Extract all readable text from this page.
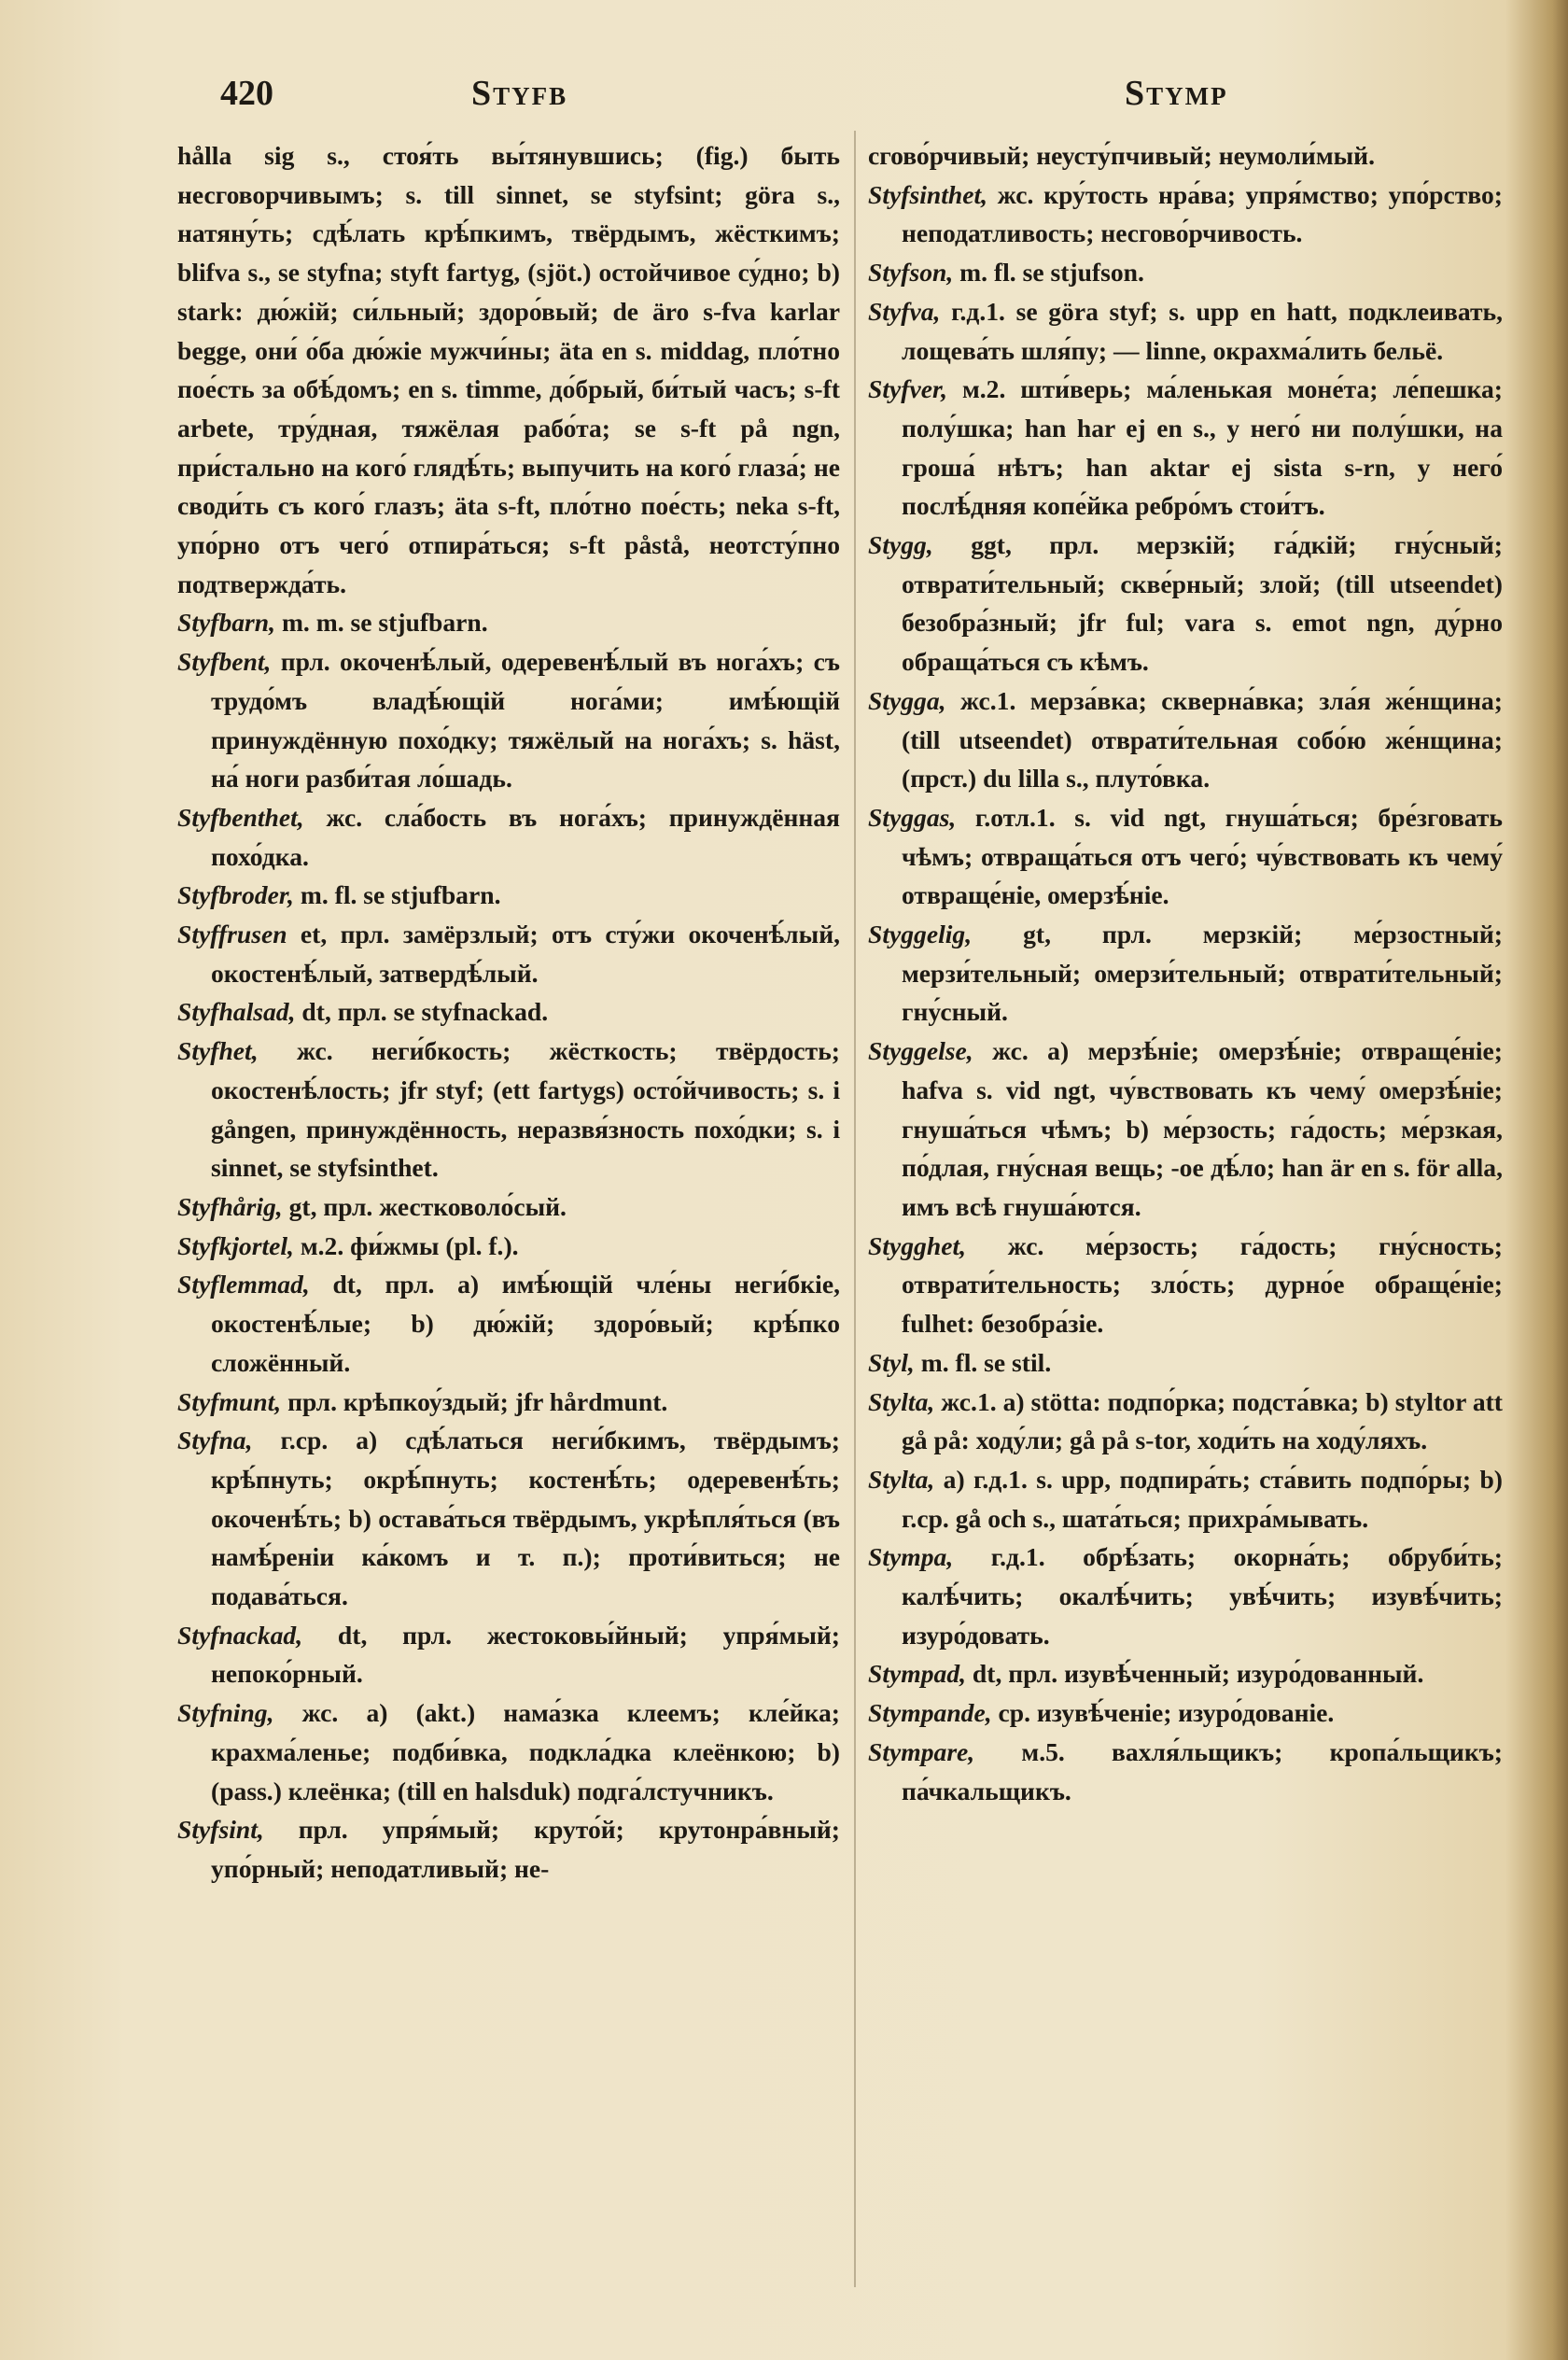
420	Styfb	Stymp

hålla sig s., стоя́ть вы́тянувшись; (fig.) быть несговорчивымъ; s. till sinnet, se styfsint; göra s., натяну́ть; сдѣ́лать крѣ́пкимъ, твёрдымъ, жёсткимъ; blifva s., se styfna; styft fartyg, (sjöt.) остойчивое су́дно; b) stark: дю́жій; си́льный; здоро́вый; de äro s-fva karlar begge, они́ о́ба дю́жіе мужчи́ны; äta en s. middag, пло́тно пое́сть за обѣ́домъ; en s. timme, до́брый, би́тый часъ; s-ft arbete, тру́дная, тяжёлая рабо́та; se s-ft på ngn, при́стально на кого́ глядѣ́ть; выпучить на кого́ глаза́; не своди́ть съ кого́ глазъ; äta s-ft, пло́тно пое́сть; neka s-ft, упо́рно отъ чего́ отпира́ться; s-ft påstå, неотсту́пно подтвержда́ть.

Styfbarn, m. m. se stjufbarn.

Styfbent, прл. окоченѣ́лый, одеревенѣ́лый въ нога́хъ; съ трудо́мъ владѣ́ющій нога́ми; имѣ́ющій принуждённую похо́дку; тяжёлый на нога́хъ; s. häst, на́ ноги разби́тая ло́шадь.

Styfbenthet, жс. сла́бость въ нога́хъ; принуждённая похо́дка.

Styfbroder, m. fl. se stjufbarn.

Styffrusen et, прл. замёрзлый; отъ сту́жи окоченѣ́лый, окостенѣ́лый, затвердѣ́лый.

Styfhalsad, dt, прл. se styfnackad.

Styfhet, жс. неги́бкость; жёсткость; твёрдость; окостенѣ́лость; jfr styf; (ett fartygs) осто́йчивость; s. i gången, принуждённость, неразвя́зность похо́дки; s. i sinnet, se styfsinthet.

Styfhårig, gt, прл. жестковоло́сый.

Styfkjortel, м.2. фи́жмы (pl. f.).

Styflemmad, dt, прл. a) имѣ́ющій чле́ны неги́бкіе, окостенѣ́лые; b) дю́жій; здоро́вый; крѣ́пко сложённый.

Styfmunt, прл. крѣпкоу́здый; jfr hårdmunt.

Styfna, г.ср. a) сдѣ́латься неги́бкимъ, твёрдымъ; крѣ́пнуть; окрѣ́пнуть; костенѣ́ть; одеревенѣ́ть; окоченѣ́ть; b) остава́ться твёрдымъ, укрѣпля́ться (въ намѣ́реніи ка́комъ и т. п.); проти́виться; не подава́ться.

Styfnackad, dt, прл. жестоковы́йный; упря́мый; непоко́рный.

Styfning, жс. a) (akt.) нама́зка клеемъ; кле́йка; крахма́ленье; подби́вка, подкла́дка клеёнкою; b) (pass.) клеёнка; (till en halsduk) подга́лстучникъ.

Styfsint, прл. упря́мый; круто́й; крутонра́вный; упо́рный; неподатливый; не-

сгово́рчивый; неусту́пчивый; неумоли́мый.

Styfsinthet, жс. кру́тость нра́ва; упря́мство; упо́рство; неподатливость; несгово́рчивость.

Styfson, m. fl. se stjufson.

Styfva, г.д.1. se göra styf; s. upp en hatt, подклеивать, лощева́ть шля́пу; — linne, окрахма́лить бельё.

Styfver, м.2. шти́верь; ма́ленькая моне́та; ле́пешка; полу́шка; han har ej en s., у него́ ни полу́шки, на гроша́ нѣтъ; han aktar ej sista s-rn, у него́ послѣ́дняя копе́йка ребро́мъ стои́тъ.

Stygg, ggt, прл. мерзкій; га́дкій; гну́сный; отврати́тельный; скве́рный; злой; (till utseendet) безобра́зный; jfr ful; vara s. emot ngn, ду́рно обраща́ться съ кѣмъ.

Stygga, жс.1. мерза́вка; скверна́вка; зла́я же́нщина; (till utseendet) отврати́тельная собо́ю же́нщина; (прст.) du lilla s., плуто́вка.

Styggas, г.отл.1. s. vid ngt, гнуша́ться; бре́зговать чѣмъ; отвраща́ться отъ чего́; чу́вствовать къ чему́ отвраще́ніе, омерзѣ́ніе.

Styggelig, gt, прл. мерзкій; ме́рзостный; мерзи́тельный; омерзи́тельный; отврати́тельный; гну́сный.

Styggelse, жс. a) мерзѣ́ніе; омерзѣ́ніе; отвраще́ніе; hafva s. vid ngt, чу́вствовать къ чему́ омерзѣ́ніе; гнуша́ться чѣмъ; b) ме́рзость; га́дость; ме́рзкая, по́длая, гну́сная вещь; -ое дѣ́ло; han är en s. för alla, имъ всѣ гнуша́ются.

Stygghet, жс. ме́рзость; га́дость; гну́сность; отврати́тельность; зло́сть; дурно́е обраще́ніе; fulhet: безобра́зіе.

Styl, m. fl. se stil.

Stylta, жс.1. a) stötta: подпо́рка; подста́вка; b) styltor att gå på: ходу́ли; gå på s-tor, ходи́ть на ходу́ляхъ.

Stylta, a) г.д.1. s. upp, подпира́ть; ста́вить подпо́ры; b) г.ср. gå och s., шата́ться; прихра́мывать.

Stympa, г.д.1. обрѣ́зать; окорна́ть; обруби́ть; калѣ́чить; окалѣ́чить; увѣ́чить; изувѣ́чить; изуро́довать.

Stympad, dt, прл. изувѣ́ченный; изуро́дованный.

Stympande, ср. изувѣ́ченіе; изуро́дованіе.

Stympare, м.5. вахля́льщикъ; кропа́льщикъ; па́чкальщикъ.
